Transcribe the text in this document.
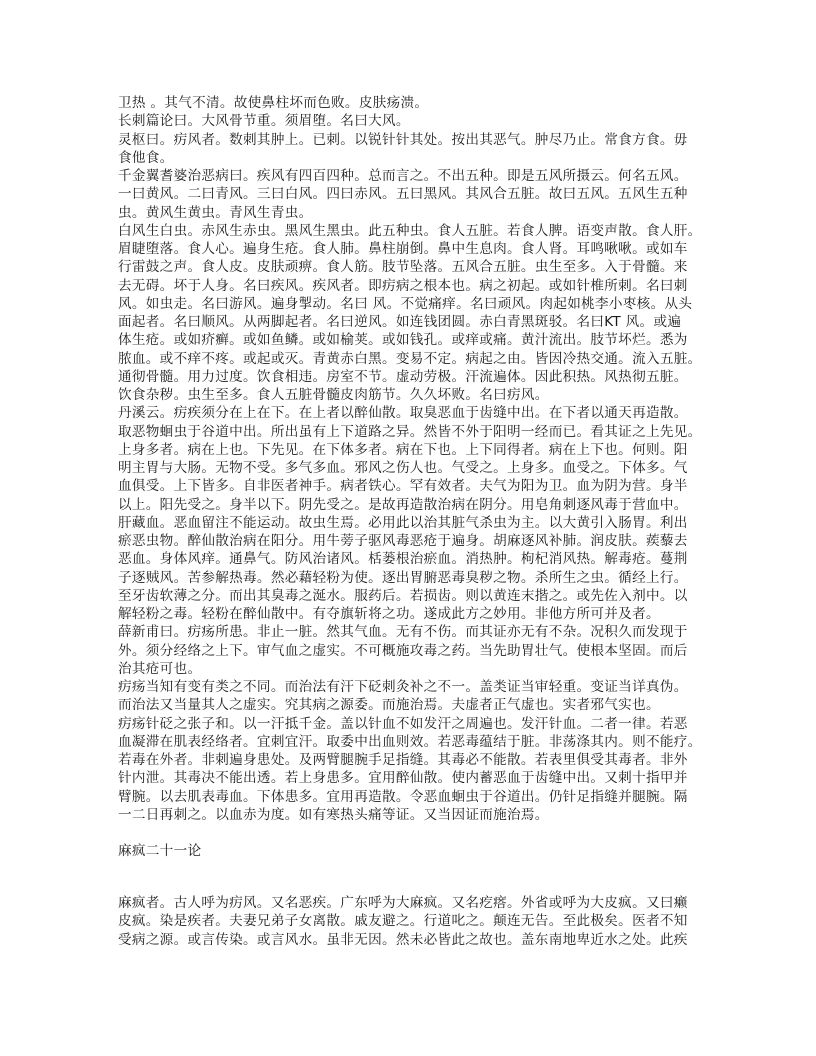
卫热 。其气不清。故使鼻柱坏而色败。皮肤疡溃。
长刺篇论曰。大风骨节重。须眉堕。名曰大风。
灵枢曰。疠风者。数刺其肿上。已刺。以锐针针其处。按出其恶气。肿尽乃止。常食方食。毋
食他食。
千金翼耆婆治恶病曰。疾风有四百四种。总而言之。不出五种。即是五风所摄云。何名五风。
一曰黄风。二曰青风。三曰白风。四曰赤风。五曰黑风。其风合五脏。故曰五风。五风生五种
虫。黄风生黄虫。青风生青虫。
白风生白虫。赤风生赤虫。黑风生黑虫。此五种虫。食人五脏。若食人脾。语变声散。食人肝。
眉睫堕落。食人心。遍身生疮。食人肺。鼻柱崩倒。鼻中生息肉。食人肾。耳鸣啾啾。或如车
行雷鼓之声。食人皮。皮肤顽痹。食人筋。肢节坠落。五风合五脏。虫生至多。入于骨髓。来
去无碍。坏于人身。名曰疾风。疾风者。即疠病之根本也。病之初起。或如针椎所刺。名曰刺
风。如虫走。名曰游风。遍身掣动。名曰 风。不觉痛痒。名曰顽风。肉起如桃李小枣核。从头
面起者。名曰顺风。从两脚起者。名曰逆风。如连钱团圆。赤白青黑斑驳。名曰KT 风。或遍
体生疮。或如疥癣。或如鱼鳞。或如榆荚。或如钱孔。或痒或痛。黄汁流出。肢节坏烂。悉为
脓血。或不痒不疼。或起或灭。青黄赤白黑。变易不定。病起之由。皆因冷热交通。流入五脏。
通彻骨髓。用力过度。饮食相违。房室不节。虚动劳极。汗流遍体。因此积热。风热彻五脏。
饮食杂秽。虫生至多。食人五脏骨髓皮肉筋节。久久坏败。名曰疠风。
丹溪云。疠疾须分在上在下。在上者以醉仙散。取臭恶血于齿缝中出。在下者以通天再造散。
取恶物蛔虫于谷道中出。所出虽有上下道路之异。然皆不外于阳明一经而已。看其证之上先见。
上身多者。病在上也。下先见。在下体多者。病在下也。上下同得者。病在上下也。何则。阳
明主胃与大肠。无物不受。多气多血。邪风之伤人也。气受之。上身多。血受之。下体多。气
血俱受。上下皆多。自非医者神手。病者铁心。罕有效者。夫气为阳为卫。血为阴为营。身半
以上。阳先受之。身半以下。阴先受之。是故再造散治病在阴分。用皂角刺逐风毒于营血中。
肝藏血。恶血留注不能运动。故虫生焉。必用此以治其脏气杀虫为主。以大黄引入肠胃。利出
瘀恶虫物。醉仙散治病在阳分。用牛蒡子驱风毒恶疮于遍身。胡麻逐风补肺。润皮肤。蒺藜去
恶血。身体风痒。通鼻气。防风治诸风。栝蒌根治瘀血。消热肿。枸杞消风热。解毒疮。蔓荆
子逐贼风。苦参解热毒。然必藉轻粉为使。逐出胃腑恶毒臭秽之物。杀所生之虫。循经上行。
至牙齿软薄之分。而出其臭毒之涎水。服药后。若损齿。则以黄连末揩之。或先佐入剂中。以
解轻粉之毒。轻粉在醉仙散中。有夺旗斩将之功。遂成此方之妙用。非他方所可并及者。
薛新甫曰。疠疡所患。非止一脏。然其气血。无有不伤。而其证亦无有不杂。况积久而发现于
外。须分经络之上下。审气血之虚实。不可概施攻毒之药。当先助胃壮气。使根本坚固。而后
治其疮可也。
疠疡当知有变有类之不同。而治法有汗下砭刺灸补之不一。盖类证当审轻重。变证当详真伪。
而治法又当量其人之虚实。究其病之源委。而施治焉。夫虚者正气虚也。实者邪气实也。
疠疡针砭之张子和。以一汗抵千金。盖以针血不如发汗之周遍也。发汗针血。二者一律。若恶
血凝滞在肌表经络者。宜刺宜汗。取委中出血则效。若恶毒蕴结于脏。非荡涤其内。则不能疗。
若毒在外者。非刺遍身患处。及两臂腿腕手足指缝。其毒必不能散。若表里俱受其毒者。非外
针内泄。其毒决不能出透。若上身患多。宜用醉仙散。使内蓄恶血于齿缝中出。又刺十指甲并
臂腕。以去肌表毒血。下体患多。宜用再造散。令恶血蛔虫于谷道出。仍针足指缝并腿腕。隔
一二日再刺之。以血赤为度。如有寒热头痛等证。又当因证而施治焉。
麻疯二十一论
麻疯者。古人呼为疠风。又名恶疾。广东呼为大麻疯。又名疙瘩。外省或呼为大皮疯。又曰癞
皮疯。染是疾者。夫妻兄弟子女离散。戚友避之。行道叱之。颠连无告。至此极矣。医者不知
受病之源。或言传染。或言风水。虽非无因。然未必皆此之故也。盖东南地卑近水之处。此疾
